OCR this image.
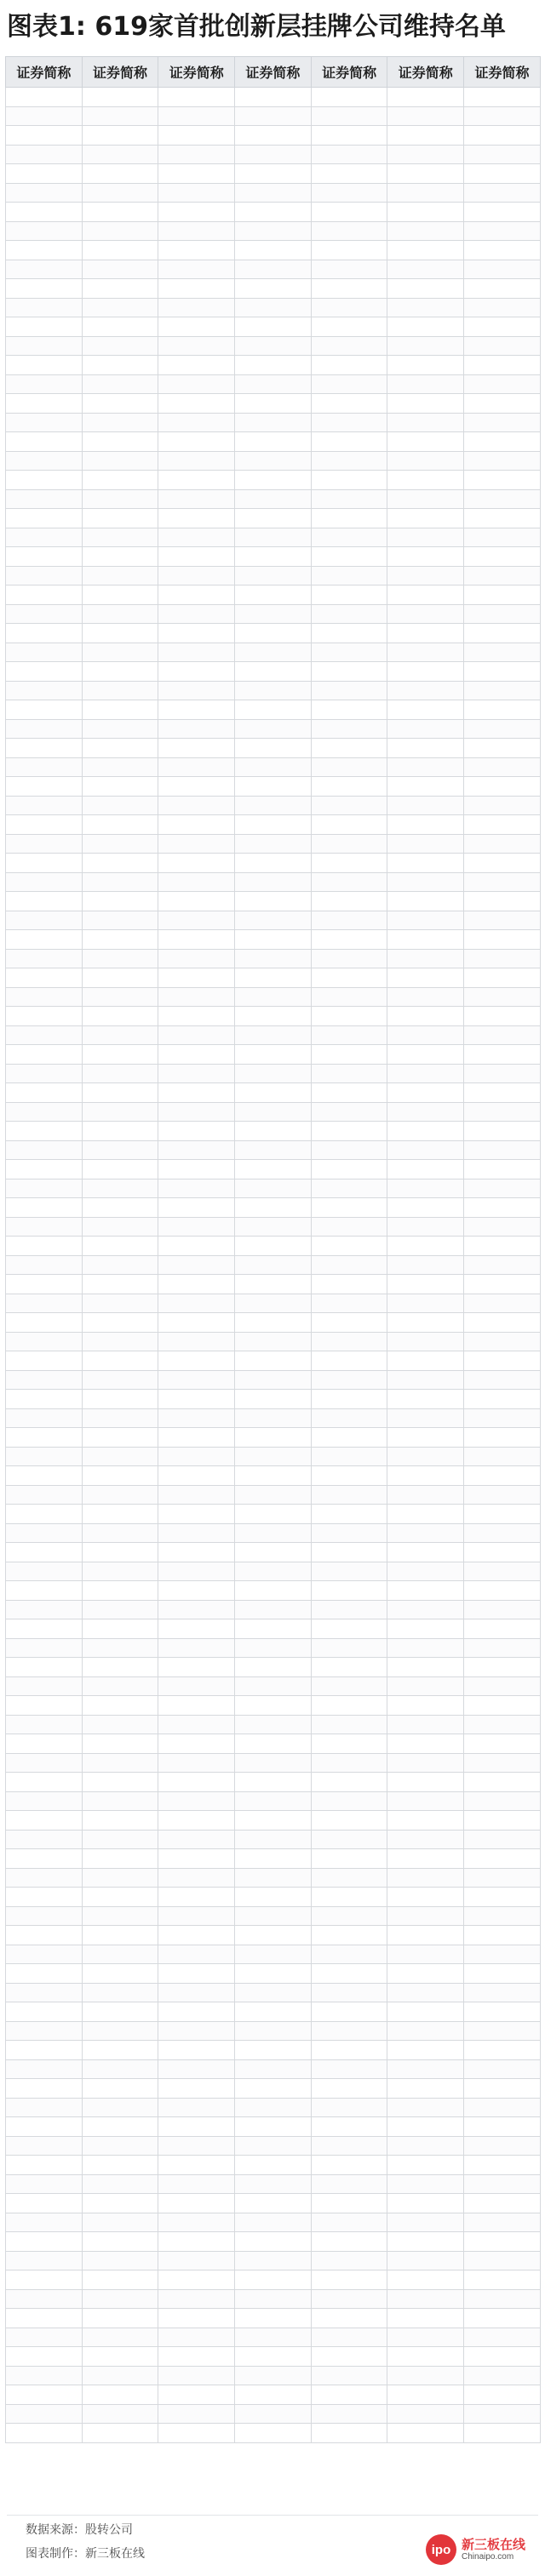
图表1: 619家首批创新层挂牌公司维持名单
证券简称	证券简称	证券简称	证券简称	证券简称	证券简称	证券简称

数据来源：股转公司
图表制作：新三板在线	ipo 新三板在线
Chinaipo.com
